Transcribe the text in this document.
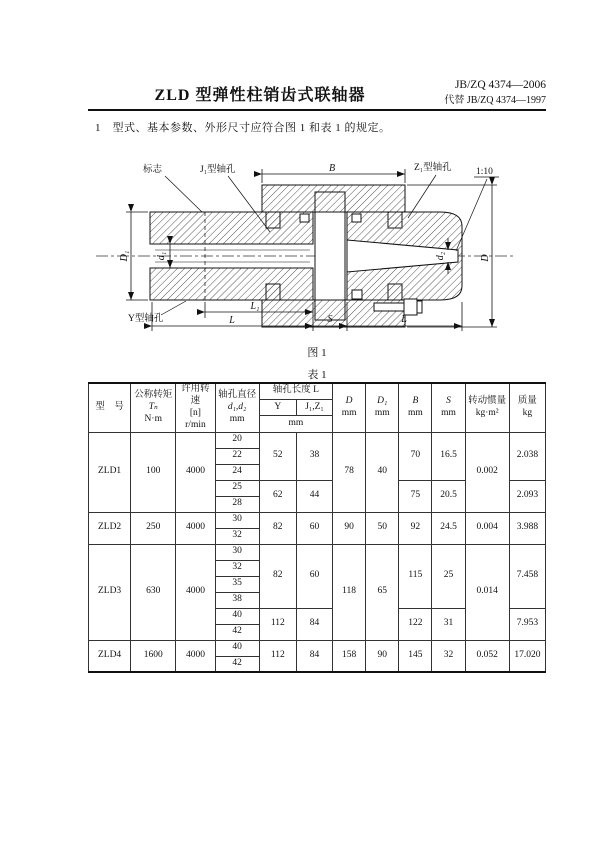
ZLD 型弹性柱销齿式联轴器
JB/ZQ 4374—2006
代替 JB/ZQ 4374—1997
1　型式、基本参数、外形尺寸应符合图 1 和表 1 的规定。
B
D₁	d₁	d₂	D
L₁
L	S	L
标志	J₁型轴孔	Z₁型轴孔	1:10
Y型轴孔
图 1
表 1
型　号	公称转矩
Tₙ
N·m	许用转速
[n]
r/min	轴孔直径
d₁,d₂
mm	轴孔长度 L		D
mm	D₁
mm	B
mm	S
mm	转动惯量
kg·m²	质量
kg

				Y	J₁,Z₁						
				mm							
ZLD1	100	4000	20	52	38	78	40	70	16.5	0.002	2.038
			22								
			24								
			25	62	44			75	20.5		2.093
			28								
ZLD2	250	4000	30	82	60	90	50	92	24.5	0.004	3.988
			32								
ZLD3	630	4000	30	82	60	118	65	115	25	0.014	7.458
			32								
			35								
			38								
			40	112	84			122	31		7.953
			42								
ZLD4	1600	4000	40	112	84	158	90	145	32	0.052	17.020
			42								
